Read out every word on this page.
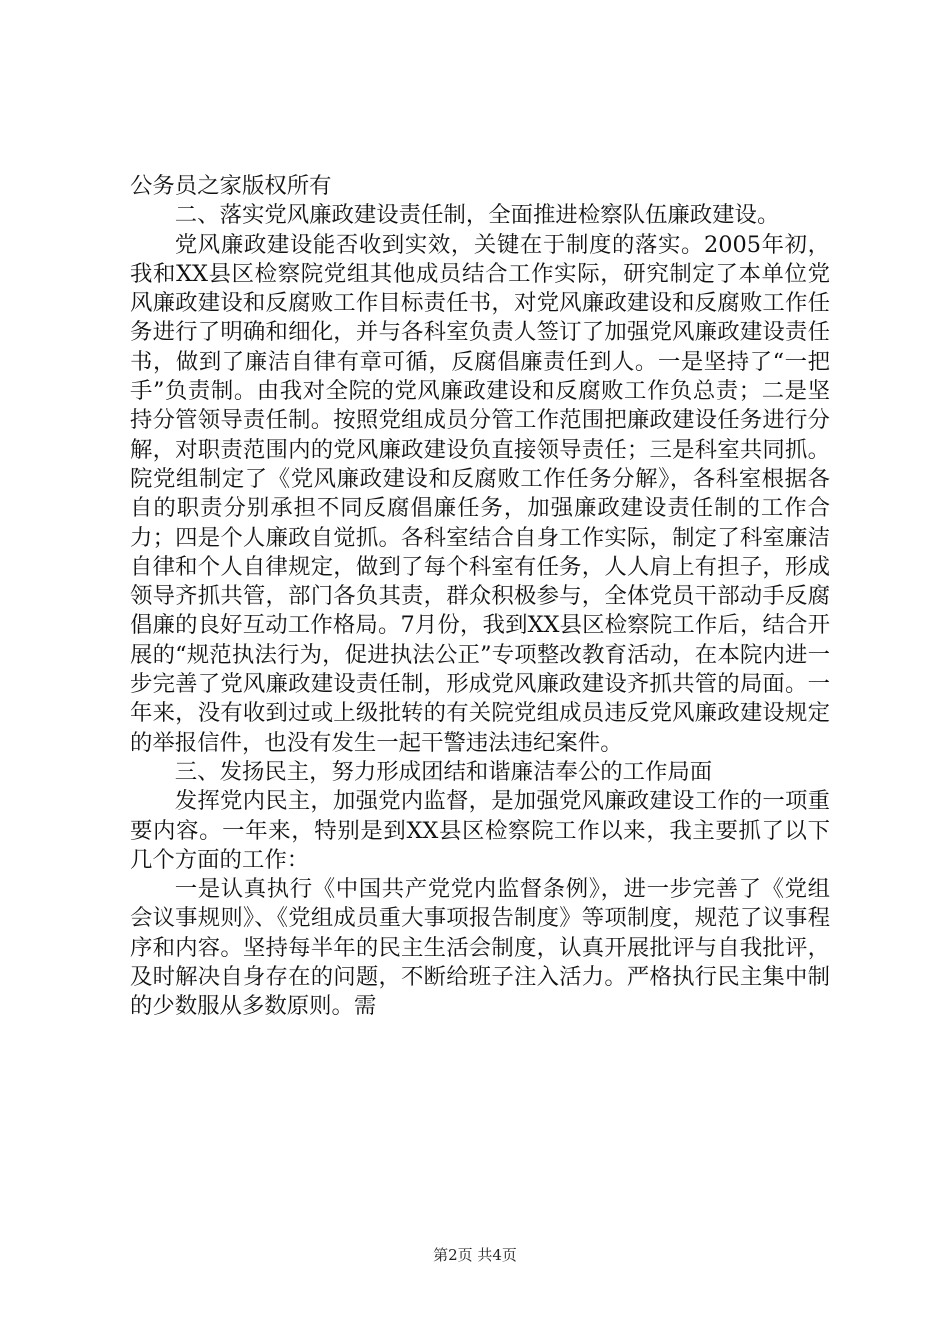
公务员之家版权所有

二、落实党风廉政建设责任制，全面推进检察队伍廉政建设。

党风廉政建设能否收到实效，关键在于制度的落实。2005年初，我和XX县区检察院党组其他成员结合工作实际，研究制定了本单位党风廉政建设和反腐败工作目标责任书，对党风廉政建设和反腐败工作任务进行了明确和细化，并与各科室负责人签订了加强党风廉政建设责任书，做到了廉洁自律有章可循，反腐倡廉责任到人。一是坚持了“一把手”负责制。由我对全院的党风廉政建设和反腐败工作负总责；二是坚持分管领导责任制。按照党组成员分管工作范围把廉政建设任务进行分解，对职责范围内的党风廉政建设负直接领导责任；三是科室共同抓。院党组制定了《党风廉政建设和反腐败工作任务分解》，各科室根据各自的职责分别承担不同反腐倡廉任务，加强廉政建设责任制的工作合力；四是个人廉政自觉抓。各科室结合自身工作实际，制定了科室廉洁自律和个人自律规定，做到了每个科室有任务，人人肩上有担子，形成领导齐抓共管，部门各负其责，群众积极参与，全体党员干部动手反腐倡廉的良好互动工作格局。7月份，我到XX县区检察院工作后，结合开展的“规范执法行为，促进执法公正”专项整改教育活动，在本院内进一步完善了党风廉政建设责任制，形成党风廉政建设齐抓共管的局面。一年来，没有收到过或上级批转的有关院党组成员违反党风廉政建设规定的举报信件，也没有发生一起干警违法违纪案件。

三、发扬民主，努力形成团结和谐廉洁奉公的工作局面

发挥党内民主，加强党内监督，是加强党风廉政建设工作的一项重要内容。一年来，特别是到XX县区检察院工作以来，我主要抓了以下几个方面的工作：

一是认真执行《中国共产党党内监督条例》，进一步完善了《党组会议事规则》、《党组成员重大事项报告制度》等项制度，规范了议事程序和内容。坚持每半年的民主生活会制度，认真开展批评与自我批评，及时解决自身存在的问题，不断给班子注入活力。严格执行民主集中制的少数服从多数原则。需

第2页 共4页
